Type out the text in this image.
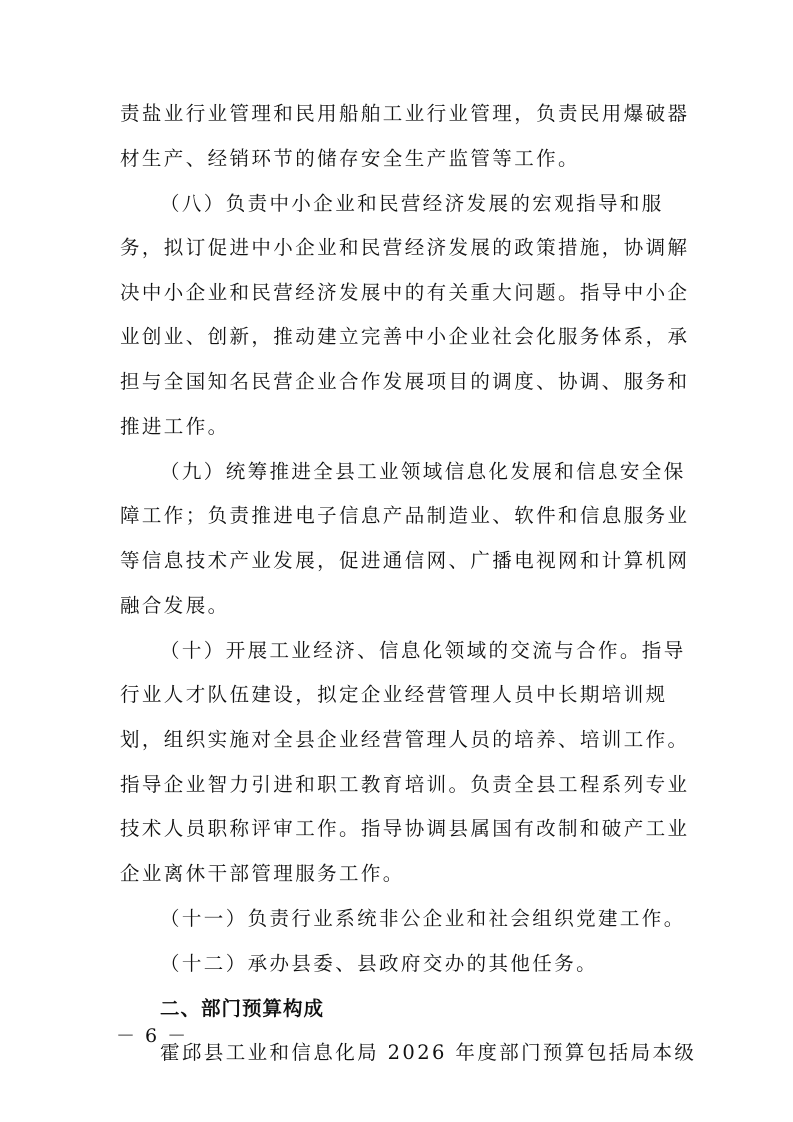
责盐业行业管理和民用船舶工业行业管理，负责民用爆破器
材生产、经销环节的储存安全生产监管等工作。
（八）负责中小企业和民营经济发展的宏观指导和服
务，拟订促进中小企业和民营经济发展的政策措施，协调解
决中小企业和民营经济发展中的有关重大问题。指导中小企
业创业、创新，推动建立完善中小企业社会化服务体系，承
担与全国知名民营企业合作发展项目的调度、协调、服务和
推进工作。
（九）统筹推进全县工业领域信息化发展和信息安全保
障工作；负责推进电子信息产品制造业、软件和信息服务业
等信息技术产业发展，促进通信网、广播电视网和计算机网
融合发展。
（十）开展工业经济、信息化领域的交流与合作。指导
行业人才队伍建设，拟定企业经营管理人员中长期培训规
划，组织实施对全县企业经营管理人员的培养、培训工作。
指导企业智力引进和职工教育培训。负责全县工程系列专业
技术人员职称评审工作。指导协调县属国有改制和破产工业
企业离休干部管理服务工作。
（十一）负责行业系统非公企业和社会组织党建工作。
（十二）承办县委、县政府交办的其他任务。
二、部门预算构成
霍邱县工业和信息化局 2026 年度部门预算包括局本级
－ 6 －
